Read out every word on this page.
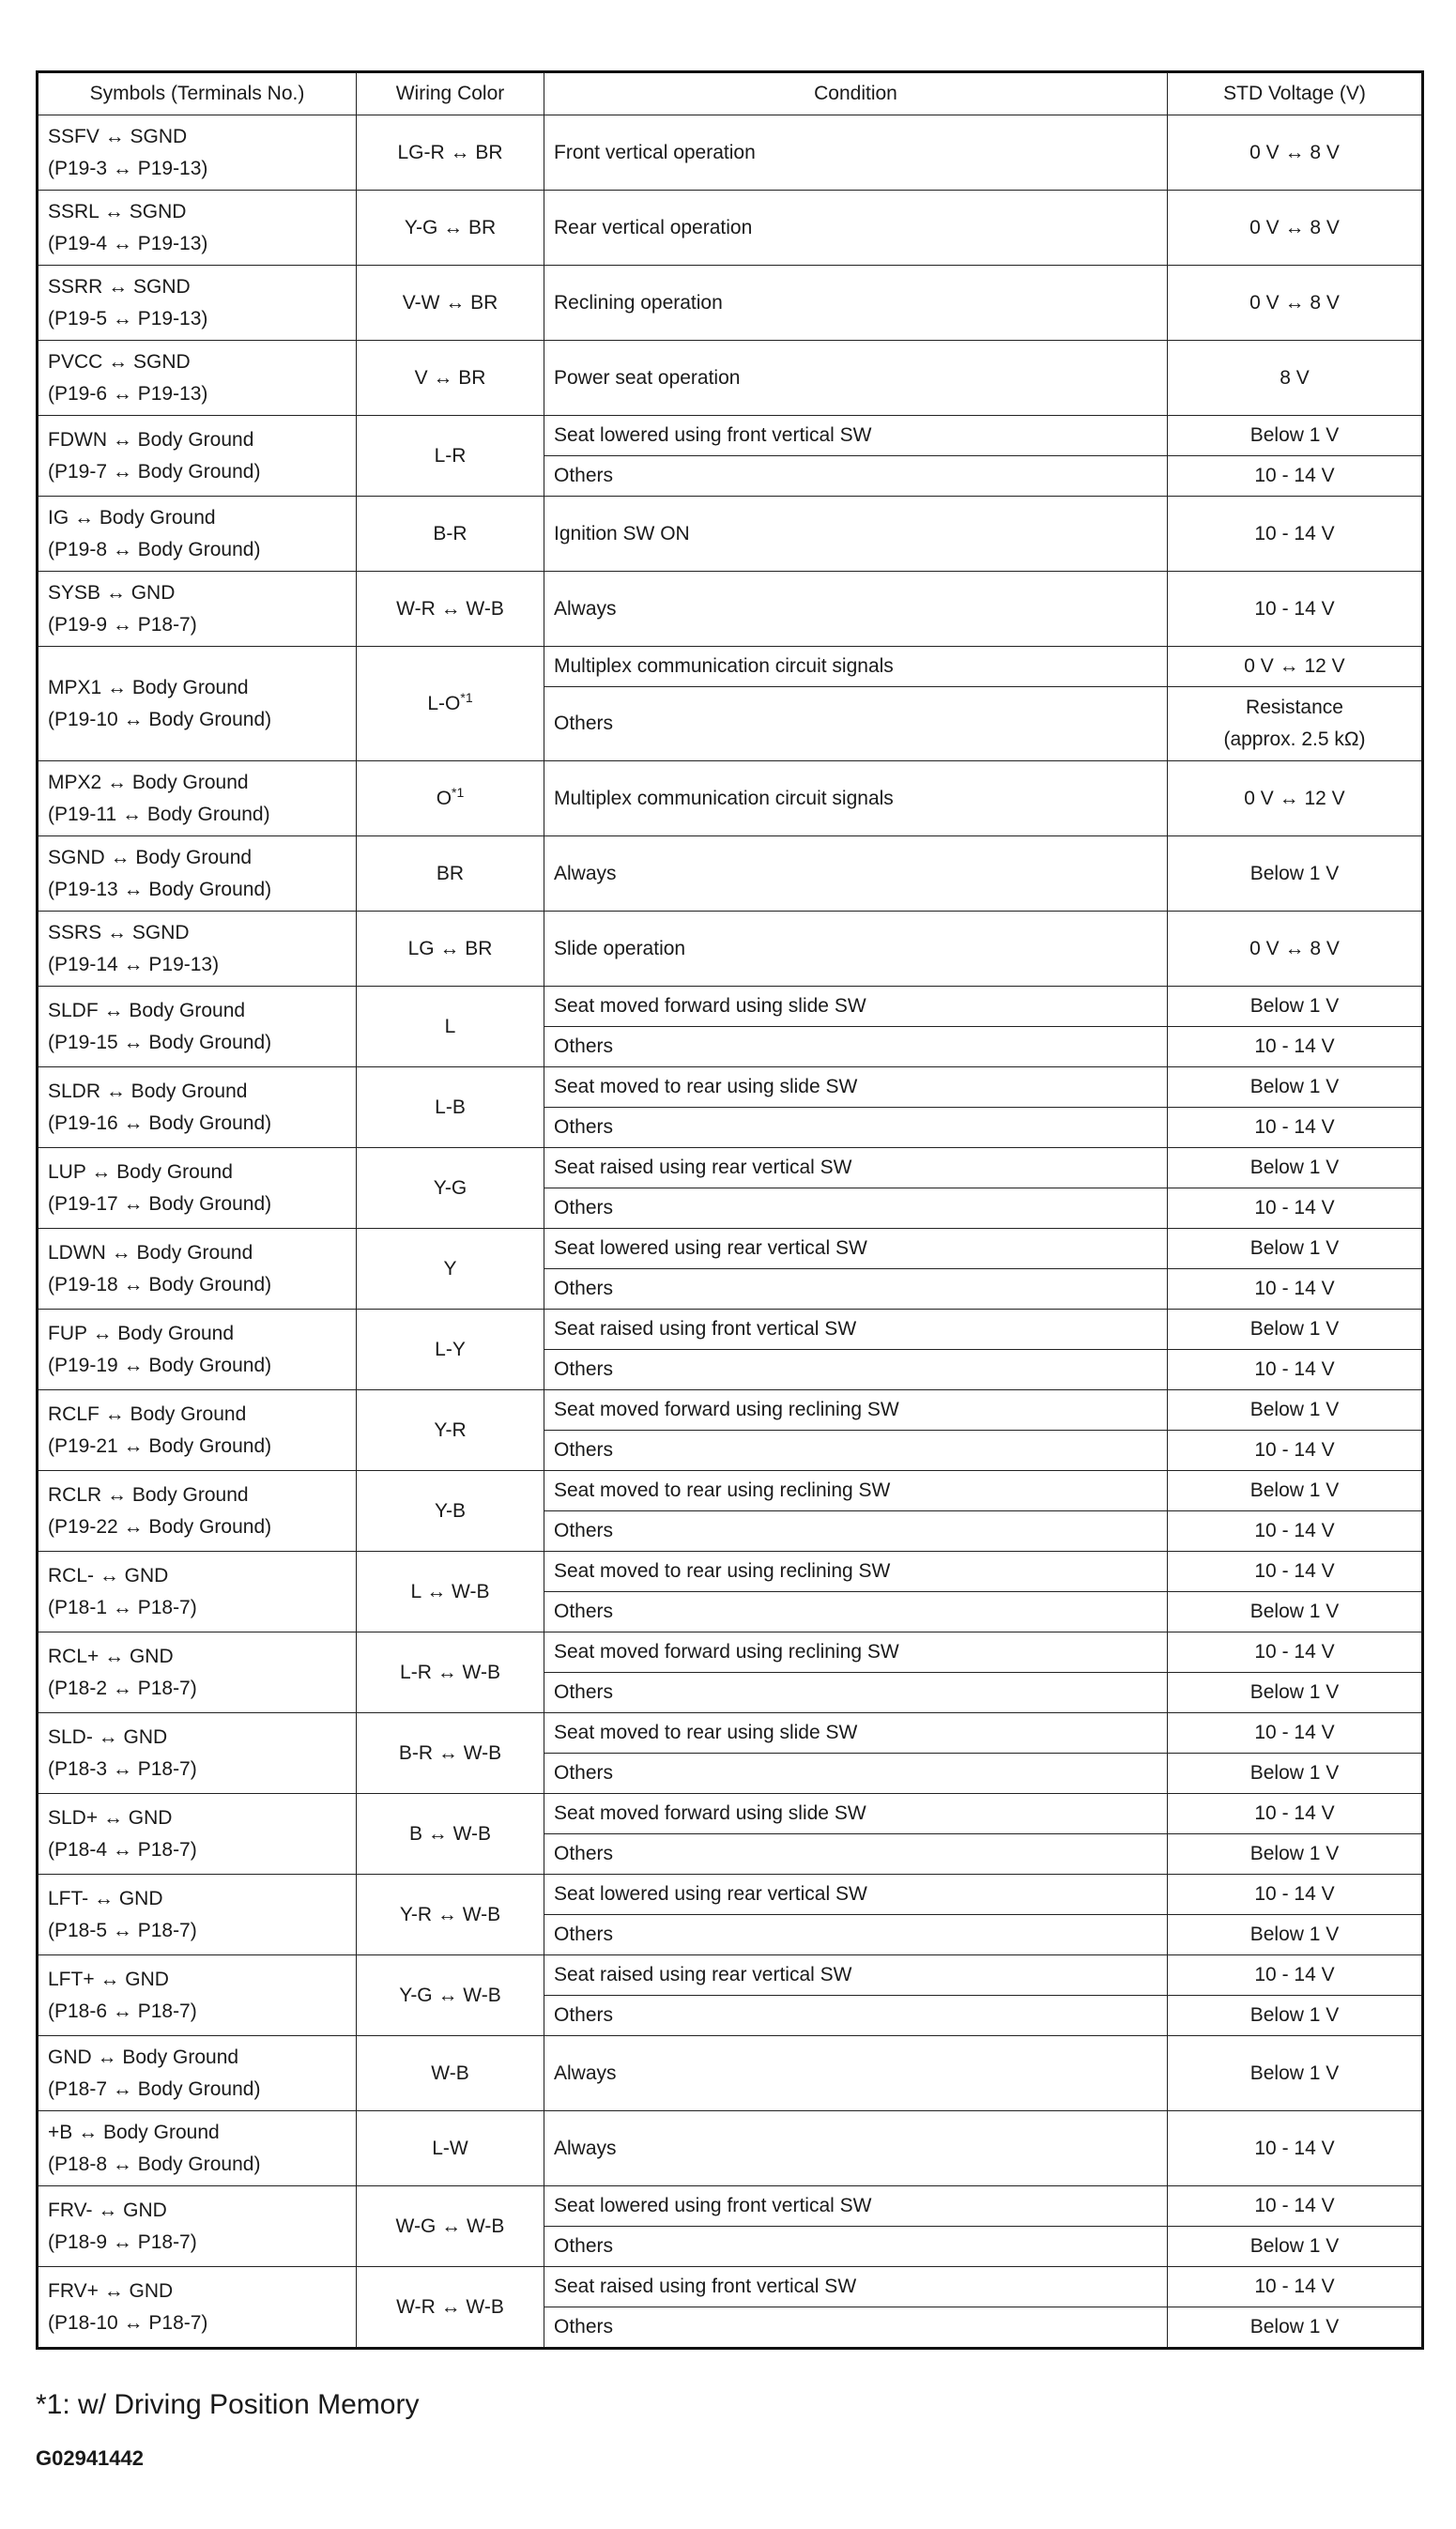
Symbols (Terminals No.)	Wiring Color	Condition	STD Voltage (V)

SSFV ↔ SGND
(P19-3 ↔ P19-13)	LG-R ↔ BR	Front vertical operation	0 V ↔ 8 V

SSRL ↔ SGND
(P19-4 ↔ P19-13)	Y-G ↔ BR	Rear vertical operation	0 V ↔ 8 V

SSRR ↔ SGND
(P19-5 ↔ P19-13)	V-W ↔ BR	Reclining operation	0 V ↔ 8 V

PVCC ↔ SGND
(P19-6 ↔ P19-13)	V ↔ BR	Power seat operation	8 V

FDWN ↔ Body Ground
(P19-7 ↔ Body Ground)	L-R	Seat lowered using front vertical SW	Below 1 V

		Others	10 - 14 V

IG ↔ Body Ground
(P19-8 ↔ Body Ground)	B-R	Ignition SW ON	10 - 14 V

SYSB ↔ GND
(P19-9 ↔ P18-7)	W-R ↔ W-B	Always	10 - 14 V

MPX1 ↔ Body Ground
(P19-10 ↔ Body Ground)	$L-O^{*1}$	Multiplex communication circuit signals	0 V ↔ 12 V

		Others	Resistance
(approx. 2.5 kΩ)

MPX2 ↔ Body Ground
(P19-11 ↔ Body Ground)	$O^{*1}$	Multiplex communication circuit signals	0 V ↔ 12 V

SGND ↔ Body Ground
(P19-13 ↔ Body Ground)	BR	Always	Below 1 V

SSRS ↔ SGND
(P19-14 ↔ P19-13)	LG ↔ BR	Slide operation	0 V ↔ 8 V

SLDF ↔ Body Ground
(P19-15 ↔ Body Ground)	L	Seat moved forward using slide SW	Below 1 V

		Others	10 - 14 V

SLDR ↔ Body Ground
(P19-16 ↔ Body Ground)	L-B	Seat moved to rear using slide SW	Below 1 V

		Others	10 - 14 V

LUP ↔ Body Ground
(P19-17 ↔ Body Ground)	Y-G	Seat raised using rear vertical SW	Below 1 V

		Others	10 - 14 V

LDWN ↔ Body Ground
(P19-18 ↔ Body Ground)	Y	Seat lowered using rear vertical SW	Below 1 V

		Others	10 - 14 V

FUP ↔ Body Ground
(P19-19 ↔ Body Ground)	L-Y	Seat raised using front vertical SW	Below 1 V

		Others	10 - 14 V

RCLF ↔ Body Ground
(P19-21 ↔ Body Ground)	Y-R	Seat moved forward using reclining SW	Below 1 V

		Others	10 - 14 V

RCLR ↔ Body Ground
(P19-22 ↔ Body Ground)	Y-B	Seat moved to rear using reclining SW	Below 1 V

		Others	10 - 14 V

RCL- ↔ GND
(P18-1 ↔ P18-7)	L ↔ W-B	Seat moved to rear using reclining SW	10 - 14 V

		Others	Below 1 V

RCL+ ↔ GND
(P18-2 ↔ P18-7)	L-R ↔ W-B	Seat moved forward using reclining SW	10 - 14 V

		Others	Below 1 V

SLD- ↔ GND
(P18-3 ↔ P18-7)	B-R ↔ W-B	Seat moved to rear using slide SW	10 - 14 V

		Others	Below 1 V

SLD+ ↔ GND
(P18-4 ↔ P18-7)	B ↔ W-B	Seat moved forward using slide SW	10 - 14 V

		Others	Below 1 V

LFT- ↔ GND
(P18-5 ↔ P18-7)	Y-R ↔ W-B	Seat lowered using rear vertical SW	10 - 14 V

		Others	Below 1 V

LFT+ ↔ GND
(P18-6 ↔ P18-7)	Y-G ↔ W-B	Seat raised using rear vertical SW	10 - 14 V

		Others	Below 1 V

GND ↔ Body Ground
(P18-7 ↔ Body Ground)	W-B	Always	Below 1 V

+B ↔ Body Ground
(P18-8 ↔ Body Ground)	L-W	Always	10 - 14 V

FRV- ↔ GND
(P18-9 ↔ P18-7)	W-G ↔ W-B	Seat lowered using front vertical SW	10 - 14 V

		Others	Below 1 V

FRV+ ↔ GND
(P18-10 ↔ P18-7)	W-R ↔ W-B	Seat raised using front vertical SW	10 - 14 V

		Others	Below 1 V
*1: w/ Driving Position Memory
G02941442
